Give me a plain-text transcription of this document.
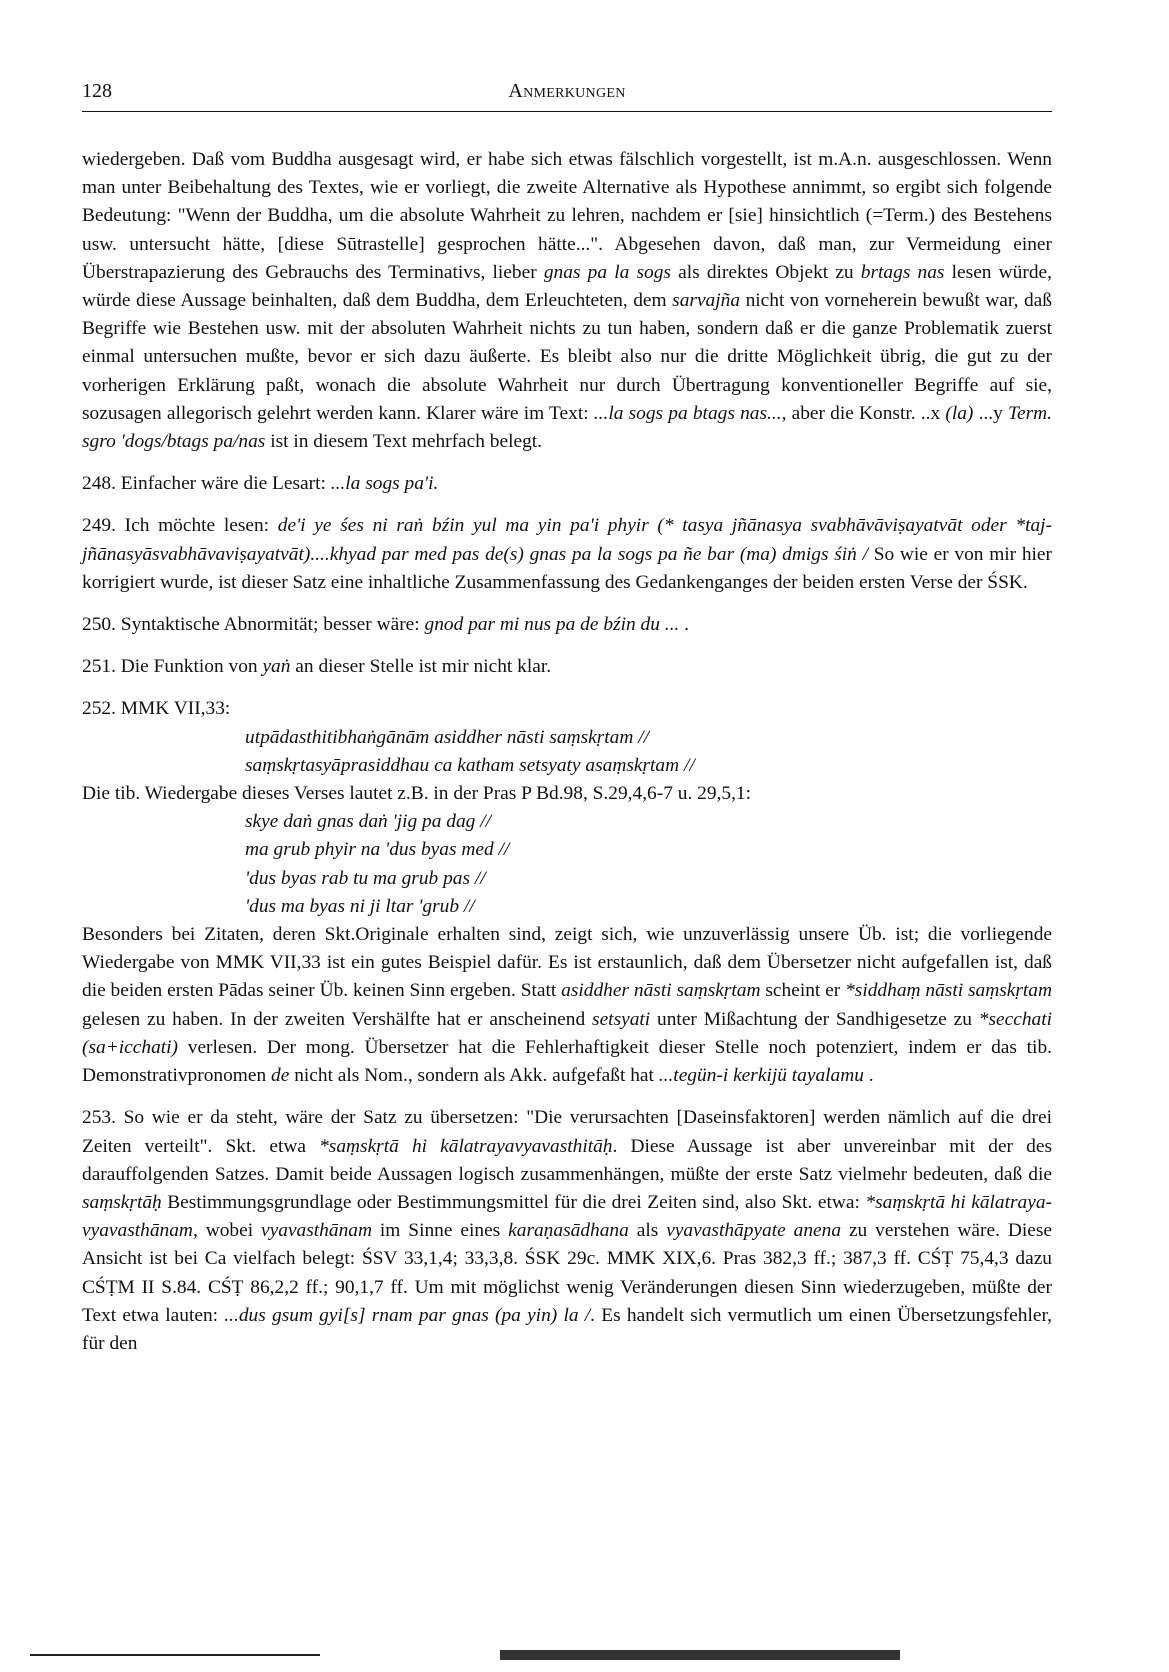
128	Anmerkungen

wiedergeben. Daß vom Buddha ausgesagt wird, er habe sich etwas fälschlich vorgestellt, ist m.A.n. ausgeschlossen. Wenn man unter Beibehaltung des Textes, wie er vorliegt, die zweite Alternative als Hypothese annimmt, so ergibt sich folgende Bedeutung: "Wenn der Buddha, um die absolute Wahrheit zu lehren, nachdem er [sie] hinsichtlich (=Term.) des Bestehens usw. untersucht hätte, [diese Sūtrastelle] gesprochen hätte...". Abgesehen davon, daß man, zur Vermeidung einer Überstrapazierung des Gebrauchs des Terminativs, lieber gnas pa la sogs als direktes Objekt zu brtags nas lesen würde, würde diese Aussage beinhalten, daß dem Buddha, dem Erleuchteten, dem sarvajña nicht von vorneherein bewußt war, daß Begriffe wie Bestehen usw. mit der absoluten Wahrheit nichts zu tun haben, sondern daß er die ganze Problematik zuerst einmal untersuchen mußte, bevor er sich dazu äußerte. Es bleibt also nur die dritte Möglichkeit übrig, die gut zu der vorherigen Erklärung paßt, wonach die absolute Wahrheit nur durch Übertragung konventioneller Begriffe auf sie, sozusagen allegorisch gelehrt werden kann. Klarer wäre im Text: ...la sogs pa btags nas..., aber die Konstr. ..x (la) ...y Term. sgro 'dogs/btags pa/nas ist in diesem Text mehrfach belegt.

248. Einfacher wäre die Lesart: ...la sogs pa'i.

249. Ich möchte lesen: de'i ye śes ni raṅ bźin yul ma yin pa'i phyir (* tasya jñānasya svabhāvāviṣayatvāt oder *taj-jñānasyāsvabhāvaviṣayatvāt)....khyad par med pas de(s) gnas pa la sogs pa ñe bar (ma) dmigs śiṅ / So wie er von mir hier korrigiert wurde, ist dieser Satz eine inhaltliche Zusammenfassung des Gedankenganges der beiden ersten Verse der ŚSK.

250. Syntaktische Abnormität; besser wäre: gnod par mi nus pa de bźin du ... .

251. Die Funktion von yaṅ an dieser Stelle ist mir nicht klar.

252. MMK VII,33:

utpādasthitibhaṅgānām asiddher nāsti saṃskṛtam //
saṃskṛtasyāprasiddhau ca katham setsyaty asaṃskṛtam //

Die tib. Wiedergabe dieses Verses lautet z.B. in der Pras P Bd.98, S.29,4,6-7 u. 29,5,1:

skye daṅ gnas daṅ 'jig pa dag //
ma grub phyir na 'dus byas med //
'dus byas rab tu ma grub pas //
'dus ma byas ni ji ltar 'grub //

Besonders bei Zitaten, deren Skt.Originale erhalten sind, zeigt sich, wie unzuverlässig unsere Üb. ist; die vorliegende Wiedergabe von MMK VII,33 ist ein gutes Beispiel dafür. Es ist erstaunlich, daß dem Übersetzer nicht aufgefallen ist, daß die beiden ersten Pādas seiner Üb. keinen Sinn ergeben. Statt asiddher nāsti saṃskṛtam scheint er *siddhaṃ nāsti saṃskṛtam gelesen zu haben. In der zweiten Vershälfte hat er anscheinend setsyati unter Mißachtung der Sandhigesetze zu *secchati (sa+icchati) verlesen. Der mong. Übersetzer hat die Fehlerhaftigkeit dieser Stelle noch potenziert, indem er das tib. Demonstrativpronomen de nicht als Nom., sondern als Akk. aufgefaßt hat ...tegün-i kerkijü tayalamu .

253. So wie er da steht, wäre der Satz zu übersetzen: "Die verursachten [Daseinsfaktoren] werden nämlich auf die drei Zeiten verteilt". Skt. etwa *saṃskṛtā hi kālatrayavyavasthitāḥ. Diese Aussage ist aber unvereinbar mit der des darauffolgenden Satzes. Damit beide Aussagen logisch zusammenhängen, müßte der erste Satz vielmehr bedeuten, daß die saṃskṛtāḥ Bestimmungsgrundlage oder Bestimmungsmittel für die drei Zeiten sind, also Skt. etwa: *saṃskṛtā hi kālatraya-vyavasthānam, wobei vyavasthānam im Sinne eines karaṇasādhana als vyavasthāpyate anena zu verstehen wäre. Diese Ansicht ist bei Ca vielfach belegt: ŚSV 33,1,4; 33,3,8. ŚSK 29c. MMK XIX,6. Pras 382,3 ff.; 387,3 ff. CŚṬ 75,4,3 dazu CŚṬM II S.84. CŚṬ 86,2,2 ff.; 90,1,7 ff. Um mit möglichst wenig Veränderungen diesen Sinn wiederzugeben, müßte der Text etwa lauten: ...dus gsum gyi[s] rnam par gnas (pa yin) la /. Es handelt sich vermutlich um einen Übersetzungsfehler, für den
